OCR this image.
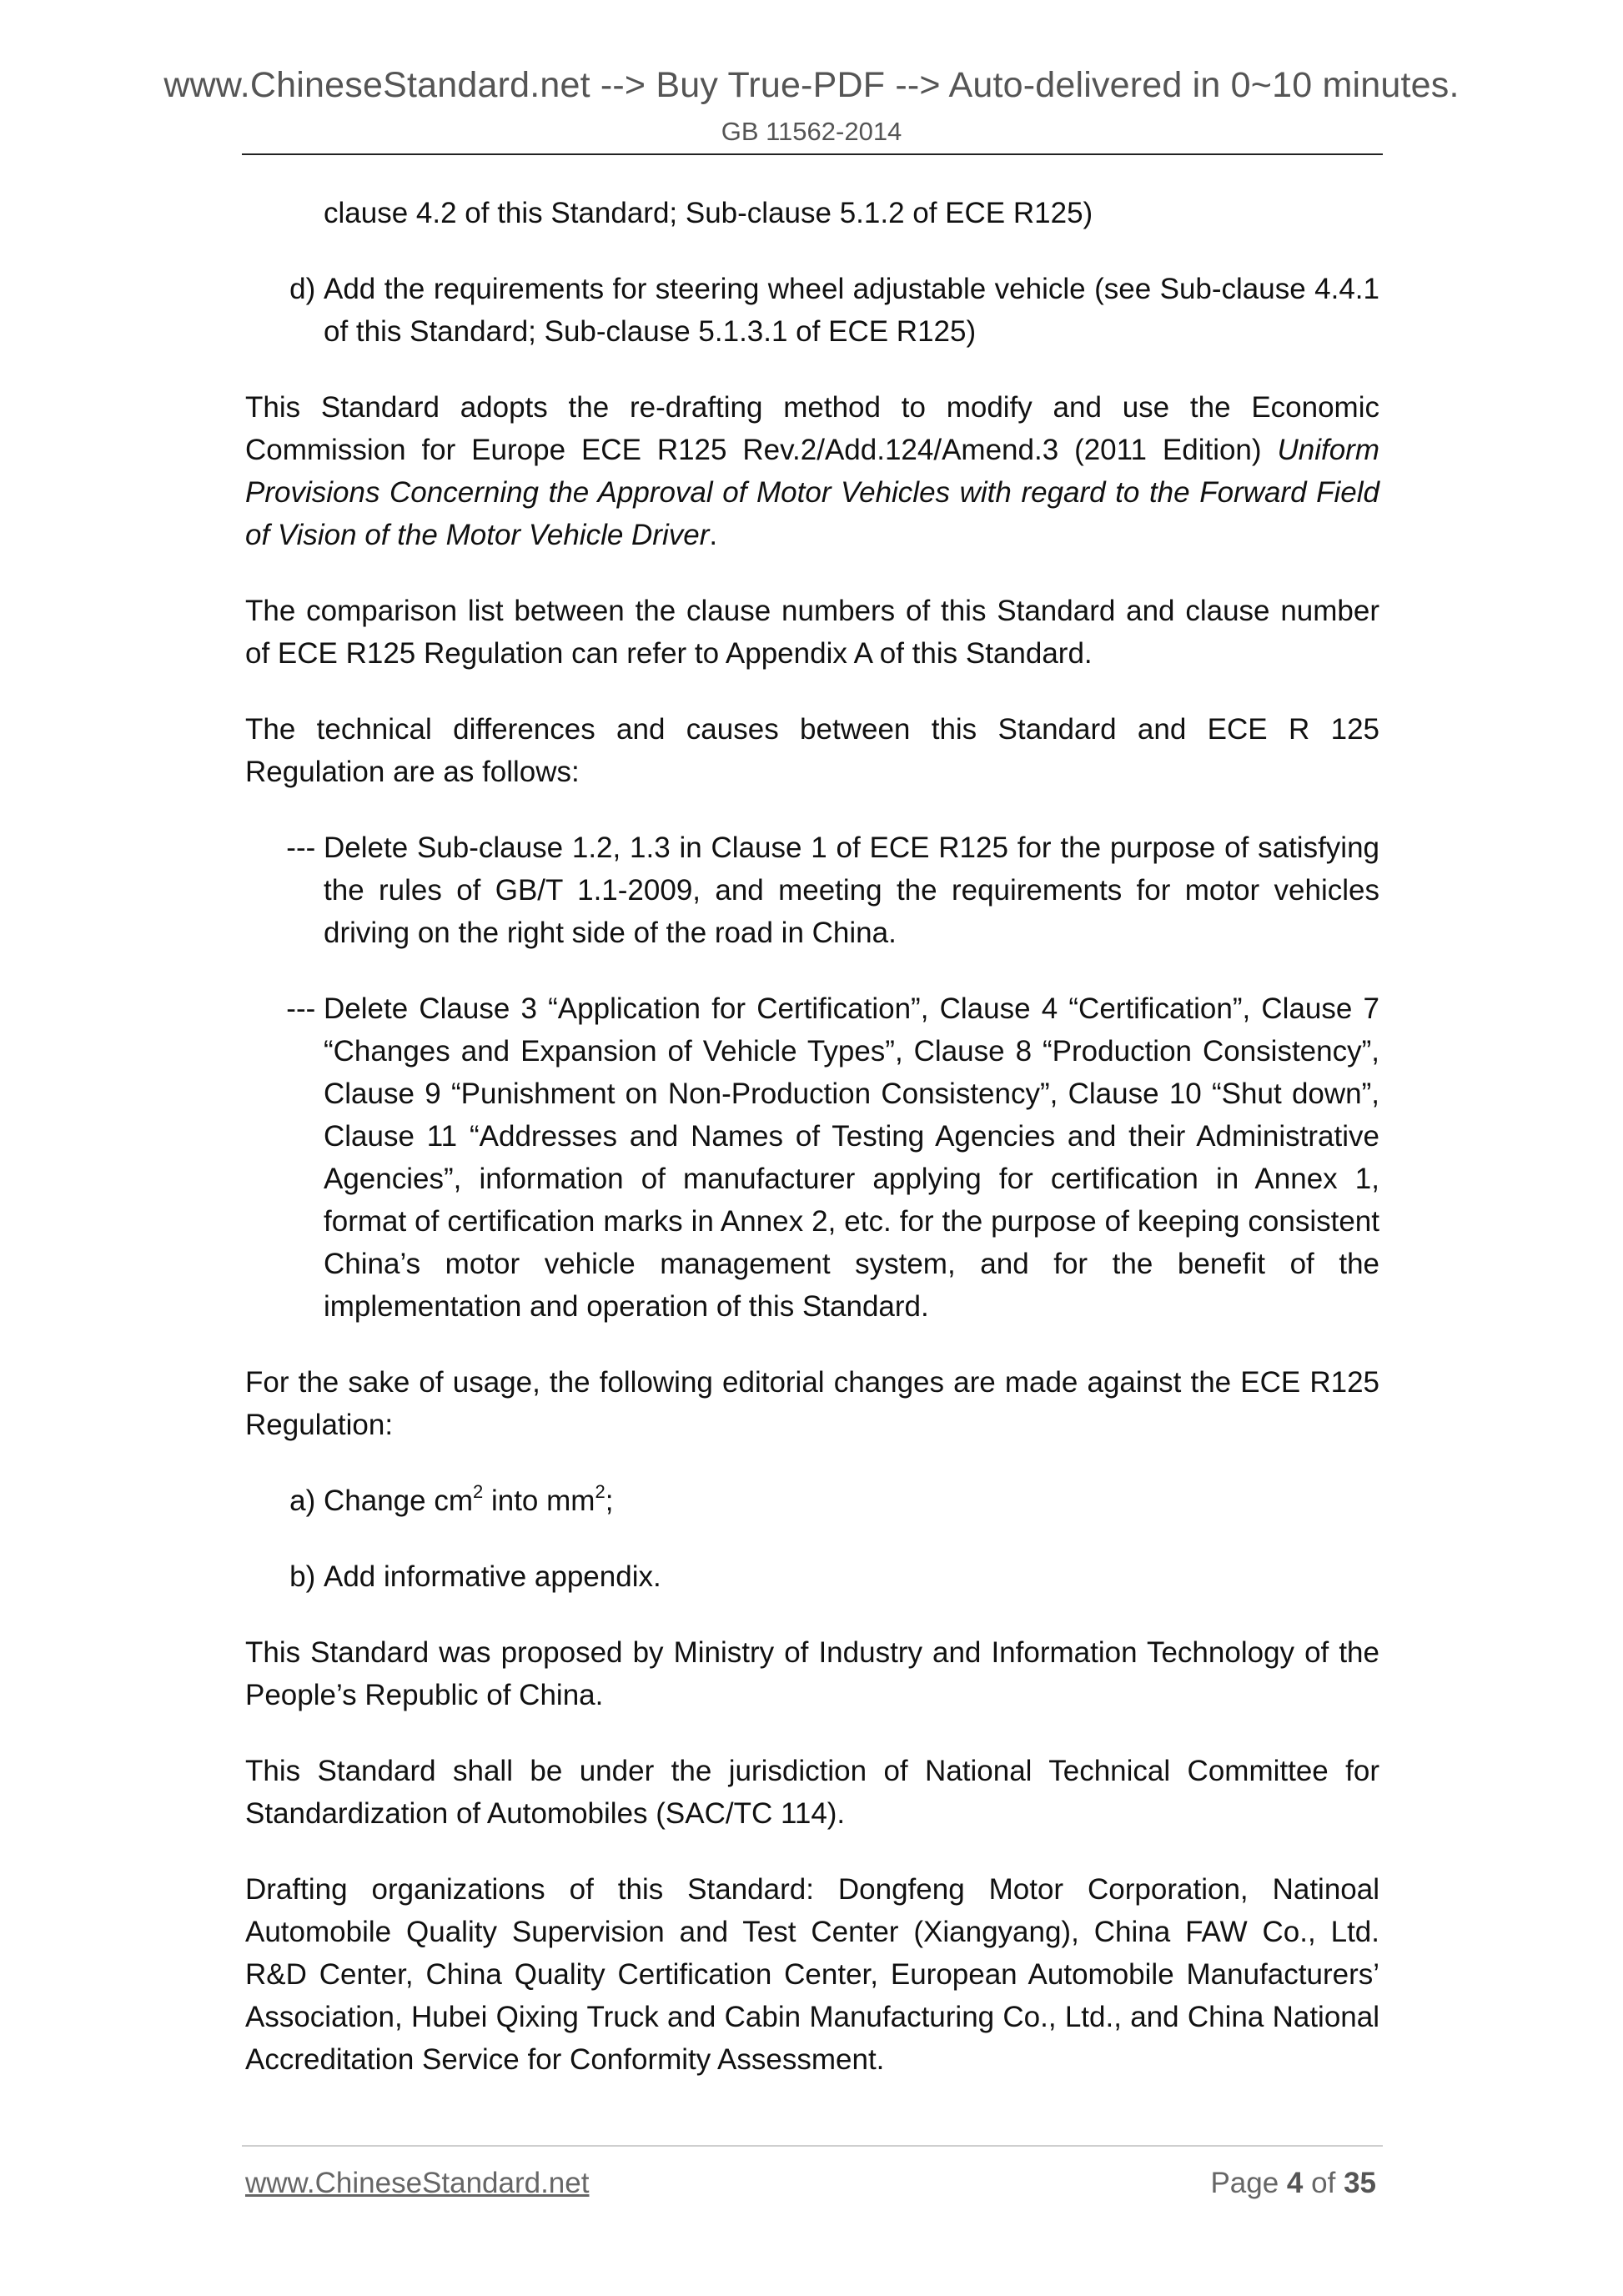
www.ChineseStandard.net --> Buy True-PDF --> Auto-delivered in 0~10 minutes.
GB 11562-2014
clause 4.2 of this Standard; Sub-clause 5.1.2 of ECE R125)
d) Add the requirements for steering wheel adjustable vehicle (see Sub-clause 4.4.1 of this Standard; Sub-clause 5.1.3.1 of ECE R125)

This Standard adopts the re-drafting method to modify and use the Economic Commission for Europe ECE R125 Rev.2/Add.124/Amend.3 (2011 Edition) Uniform Provisions Concerning the Approval of Motor Vehicles with regard to the Forward Field of Vision of the Motor Vehicle Driver.

The comparison list between the clause numbers of this Standard and clause number of ECE R125 Regulation can refer to Appendix A of this Standard.

The technical differences and causes between this Standard and ECE R 125 Regulation are as follows:

--- Delete Sub-clause 1.2, 1.3 in Clause 1 of ECE R125 for the purpose of satisfying the rules of GB/T 1.1-2009, and meeting the requirements for motor vehicles driving on the right side of the road in China.
--- Delete Clause 3 “Application for Certification”, Clause 4 “Certification”, Clause 7 “Changes and Expansion of Vehicle Types”, Clause 8 “Production Consistency”, Clause 9 “Punishment on Non-Production Consistency”, Clause 10 “Shut down”, Clause 11 “Addresses and Names of Testing Agencies and their Administrative Agencies”, information of manufacturer applying for certification in Annex 1, format of certification marks in Annex 2, etc. for the purpose of keeping consistent China’s motor vehicle management system, and for the benefit of the implementation and operation of this Standard.

For the sake of usage, the following editorial changes are made against the ECE R125 Regulation:

a) Change $cm^2$ into $mm^2$;
b) Add informative appendix.

This Standard was proposed by Ministry of Industry and Information Technology of the People’s Republic of China.

This Standard shall be under the jurisdiction of National Technical Committee for Standardization of Automobiles (SAC/TC 114).

Drafting organizations of this Standard: Dongfeng Motor Corporation, Natinoal Automobile Quality Supervision and Test Center (Xiangyang), China FAW Co., Ltd. R&D Center, China Quality Certification Center, European Automobile Manufacturers’ Association, Hubei Qixing Truck and Cabin Manufacturing Co., Ltd., and China National Accreditation Service for Conformity Assessment.

www.ChineseStandard.net	Page 4 of 35
